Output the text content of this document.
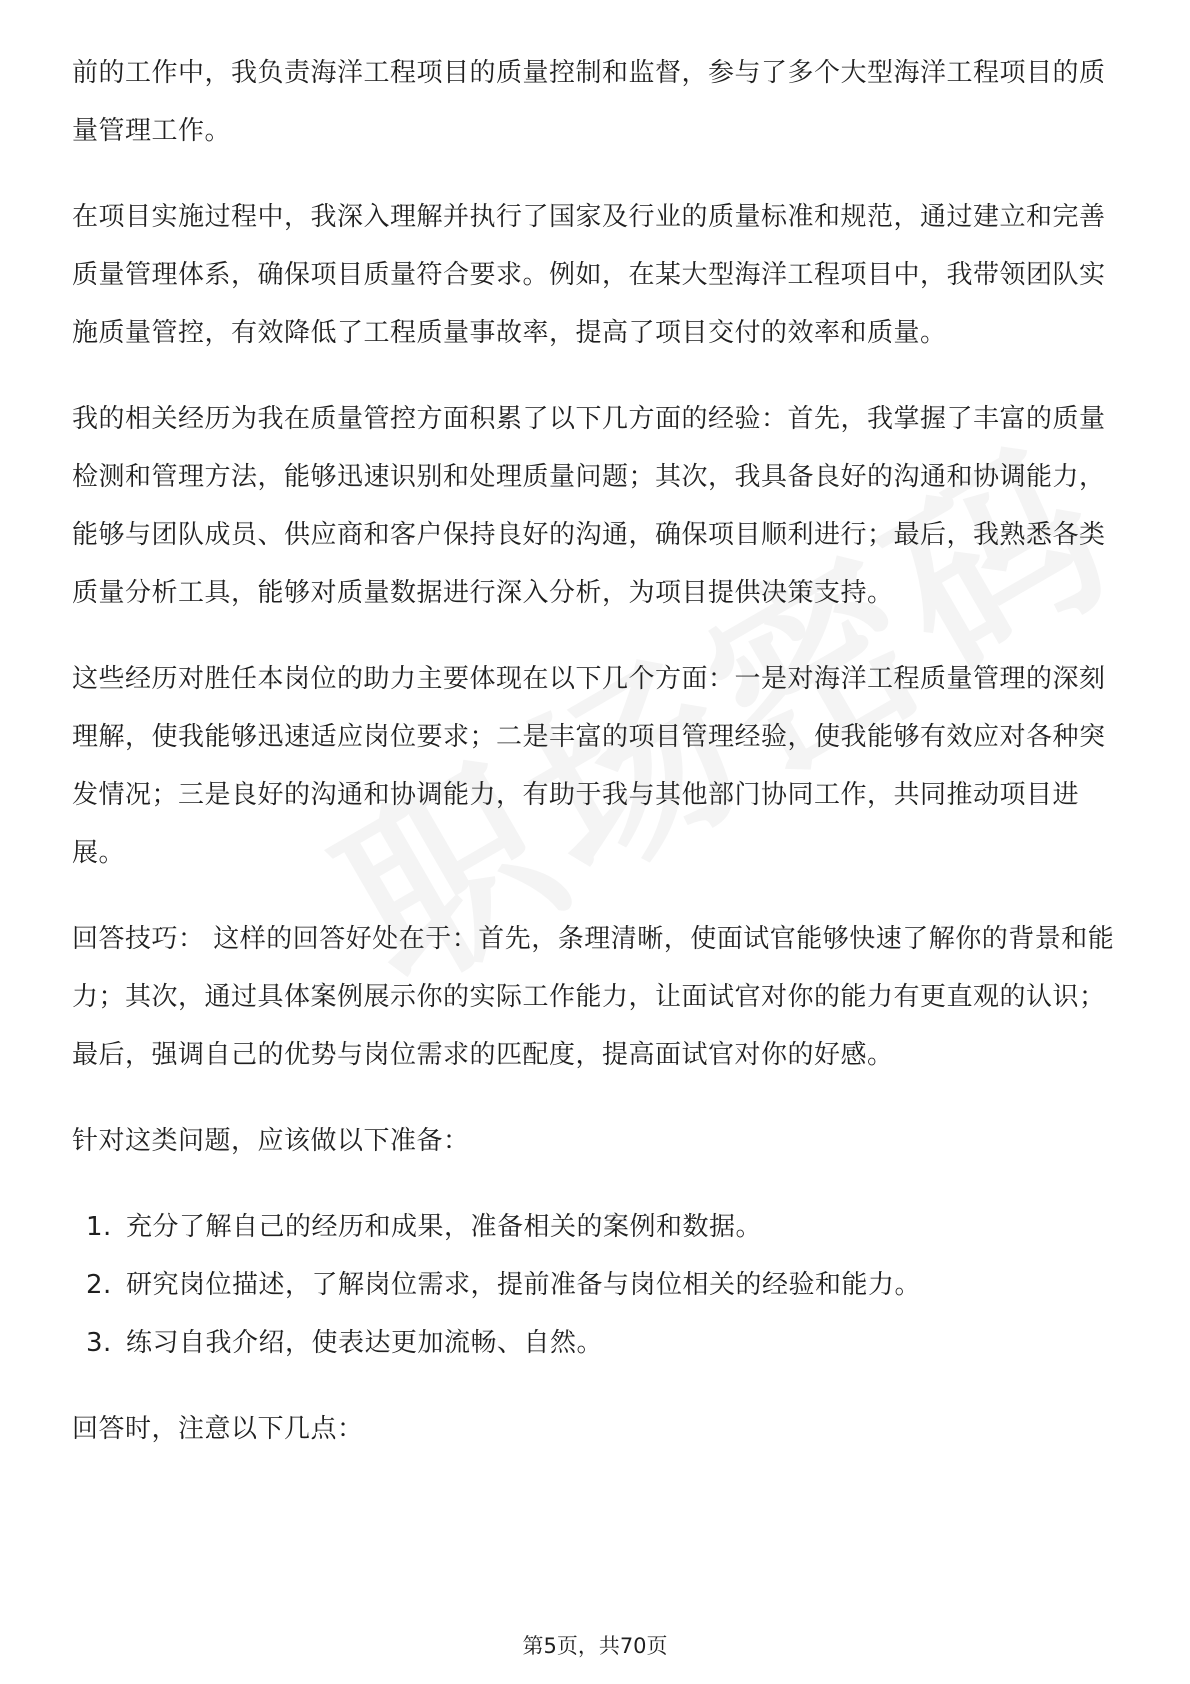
前的工作中，我负责海洋工程项目的质量控制和监督，参与了多个大型海洋工程项目的质量管理工作。

在项目实施过程中，我深入理解并执行了国家及行业的质量标准和规范，通过建立和完善质量管理体系，确保项目质量符合要求。例如，在某大型海洋工程项目中，我带领团队实施质量管控，有效降低了工程质量事故率，提高了项目交付的效率和质量。

我的相关经历为我在质量管控方面积累了以下几方面的经验：首先，我掌握了丰富的质量检测和管理方法，能够迅速识别和处理质量问题；其次，我具备良好的沟通和协调能力，能够与团队成员、供应商和客户保持良好的沟通，确保项目顺利进行；最后，我熟悉各类质量分析工具，能够对质量数据进行深入分析，为项目提供决策支持。

这些经历对胜任本岗位的助力主要体现在以下几个方面：一是对海洋工程质量管理的深刻理解，使我能够迅速适应岗位要求；二是丰富的项目管理经验，使我能够有效应对各种突发情况；三是良好的沟通和协调能力，有助于我与其他部门协同工作，共同推动项目进展。

回答技巧： 这样的回答好处在于：首先，条理清晰，使面试官能够快速了解你的背景和能力；其次，通过具体案例展示你的实际工作能力，让面试官对你的能力有更直观的认识；最后，强调自己的优势与岗位需求的匹配度，提高面试官对你的好感。

针对这类问题，应该做以下准备：

1. 充分了解自己的经历和成果，准备相关的案例和数据。
2. 研究岗位描述，了解岗位需求，提前准备与岗位相关的经验和能力。
3. 练习自我介绍，使表达更加流畅、自然。

回答时，注意以下几点：

第5页，共70页
